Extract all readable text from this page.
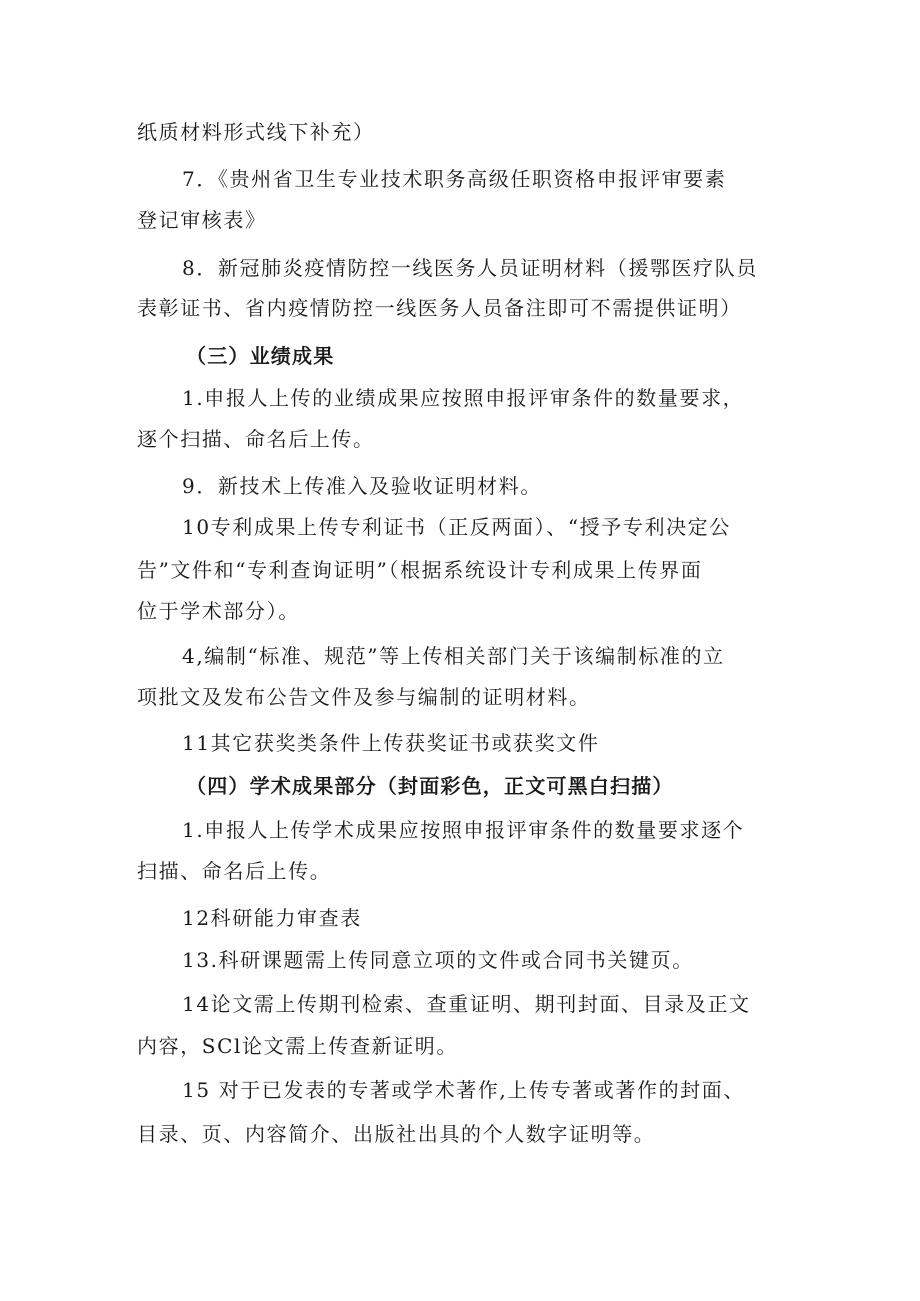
纸质材料形式线下补充）
7．《贵州省卫生专业技术职务高级任职资格申报评审要素
登记审核表》
8．新冠肺炎疫情防控一线医务人员证明材料（援鄂医疗队员
表彰证书、省内疫情防控一线医务人员备注即可不需提供证明）
（三）业绩成果
1.申报人上传的业绩成果应按照申报评审条件的数量要求，
逐个扫描、命名后上传。
9．新技术上传准入及验收证明材料。
10专利成果上传专利证书（正反两面）、“授予专利决定公
告”文件和“专利查询证明”（根据系统设计专利成果上传界面
位于学术部分）。
4,编制“标准、规范”等上传相关部门关于该编制标准的立
项批文及发布公告文件及参与编制的证明材料。
11其它获奖类条件上传获奖证书或获奖文件
（四）学术成果部分（封面彩色，正文可黑白扫描）
1.申报人上传学术成果应按照申报评审条件的数量要求逐个
扫描、命名后上传。
12科研能力审查表
13.科研课题需上传同意立项的文件或合同书关键页。
14论文需上传期刊检索、查重证明、期刊封面、目录及正文
内容，SCl论文需上传查新证明。
15 对于已发表的专著或学术著作,上传专著或著作的封面、
目录、页、内容简介、出版社出具的个人数字证明等。
